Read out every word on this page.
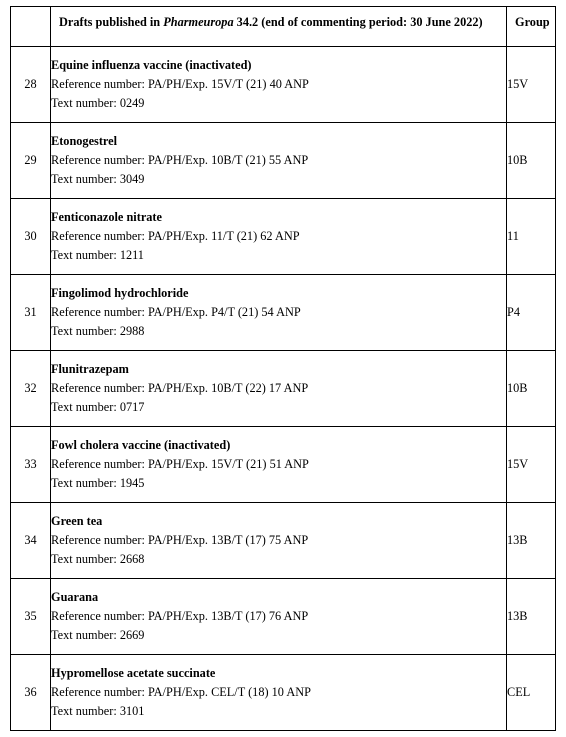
	Drafts published in Pharmeuropa 34.2 (end of commenting period: 30 June 2022)	Group
28	Equine influenza vaccine (inactivated)
Reference number: PA/PH/Exp. 15V/T (21) 40 ANP
Text number: 0249	15V
29	Etonogestrel
Reference number: PA/PH/Exp. 10B/T (21) 55 ANP
Text number: 3049	10B
30	Fenticonazole nitrate
Reference number: PA/PH/Exp. 11/T (21) 62 ANP
Text number: 1211	11
31	Fingolimod hydrochloride
Reference number: PA/PH/Exp. P4/T (21) 54 ANP
Text number: 2988	P4
32	Flunitrazepam
Reference number: PA/PH/Exp. 10B/T (22) 17 ANP
Text number: 0717	10B
33	Fowl cholera vaccine (inactivated)
Reference number: PA/PH/Exp. 15V/T (21) 51 ANP
Text number: 1945	15V
34	Green tea
Reference number: PA/PH/Exp. 13B/T (17) 75 ANP
Text number: 2668	13B
35	Guarana
Reference number: PA/PH/Exp. 13B/T (17) 76 ANP
Text number: 2669	13B
36	Hypromellose acetate succinate
Reference number: PA/PH/Exp. CEL/T (18) 10 ANP
Text number: 3101	CEL
